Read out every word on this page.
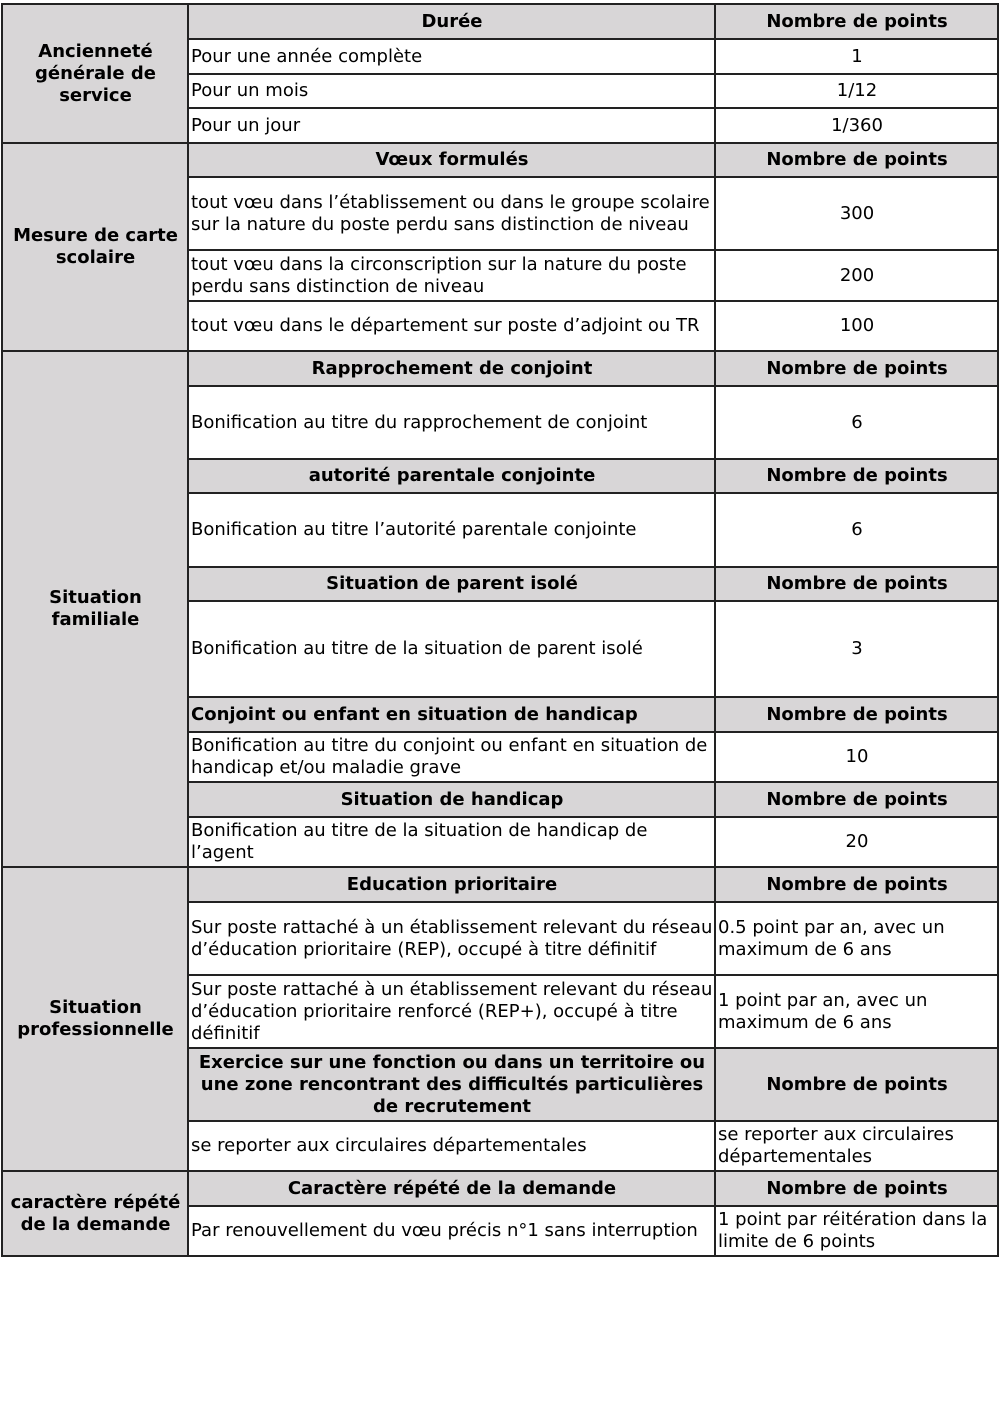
Ancienneté générale de service	Durée	Nombre de points
	Pour une année complète	1
	Pour un mois	1/12
	Pour un jour	1/360
Mesure de carte scolaire	Vœux formulés	Nombre de points
	tout vœu dans l’établissement ou dans le groupe scolaire sur la nature du poste perdu sans distinction de niveau	300
	tout vœu dans la circonscription sur la nature du poste perdu sans distinction de niveau	200
	tout vœu dans le département sur poste d’adjoint ou TR	100
Situation familiale	Rapprochement de conjoint	Nombre de points
	Bonification au titre du rapprochement de conjoint	6
	autorité parentale conjointe	Nombre de points
	Bonification au titre l’autorité parentale conjointe	6
	Situation de parent isolé	Nombre de points
	Bonification au titre de la situation de parent isolé	3
	Conjoint ou enfant en situation de handicap	Nombre de points
	Bonification au titre du conjoint ou enfant en situation de handicap et/ou maladie grave	10
	Situation de handicap	Nombre de points
	Bonification au titre de la situation de handicap de l’agent	20
Situation professionnelle	Education prioritaire	Nombre de points
	Sur poste rattaché à un établissement relevant du réseau d’éducation prioritaire (REP), occupé à titre définitif	0.5 point par an, avec un maximum de 6 ans
	Sur poste rattaché à un établissement relevant du réseau d’éducation prioritaire renforcé (REP+), occupé à titre définitif	1 point par an, avec un maximum de 6 ans
	Exercice sur une fonction ou dans un territoire ou une zone rencontrant des difficultés particulières de recrutement	Nombre de points
	se reporter aux circulaires départementales	se reporter aux circulaires départementales
caractère répété de la demande	Caractère répété de la demande	Nombre de points
	Par renouvellement du vœu précis n°1 sans interruption	1 point par réitération dans la limite de 6 points
